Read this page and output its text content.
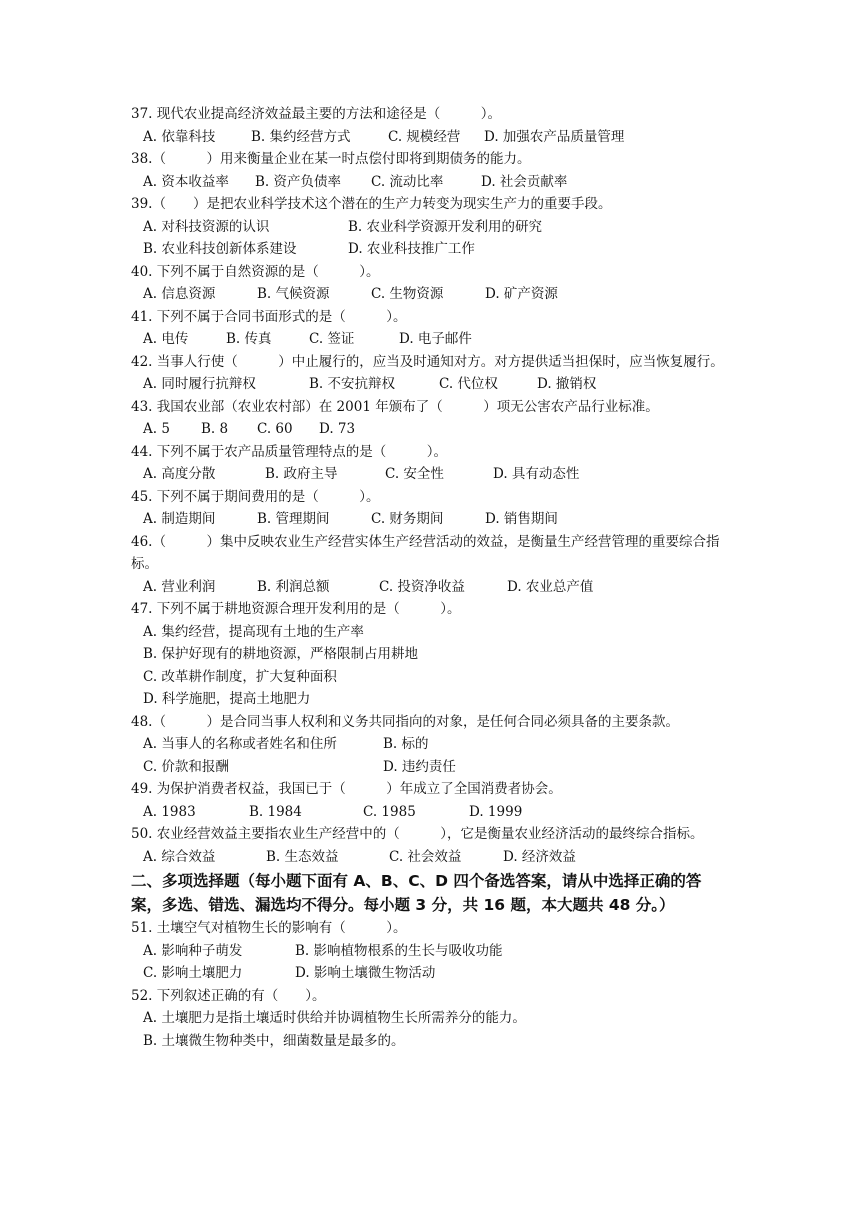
37. 现代农业提高经济效益最主要的方法和途径是（　　　）。
A. 依靠科技	B. 集约经营方式	C. 规模经营	D. 加强农产品质量管理
38.（　　　）用来衡量企业在某一时点偿付即将到期债务的能力。
A. 资本收益率	B. 资产负债率	C. 流动比率	D. 社会贡献率
39.（　　）是把农业科学技术这个潜在的生产力转变为现实生产力的重要手段。
A. 对科技资源的认识	B. 农业科学资源开发利用的研究
B. 农业科技创新体系建设	D. 农业科技推广工作
40. 下列不属于自然资源的是（　　　）。
A. 信息资源	B. 气候资源	C. 生物资源	D. 矿产资源
41. 下列不属于合同书面形式的是（　　　）。
A. 电传	B. 传真	C. 签证	D. 电子邮件
42. 当事人行使（　　　）中止履行的，应当及时通知对方。对方提供适当担保时，应当恢复履行。
A. 同时履行抗辩权	B. 不安抗辩权	C. 代位权	D. 撤销权
43. 我国农业部（农业农村部）在 2001 年颁布了（　　　）项无公害农产品行业标准。
A. 5	B. 8	C. 60	D. 73
44. 下列不属于农产品质量管理特点的是（　　　）。
A. 高度分散	B. 政府主导	C. 安全性	D. 具有动态性
45. 下列不属于期间费用的是（　　　）。
A. 制造期间	B. 管理期间	C. 财务期间	D. 销售期间
46.（　　　）集中反映农业生产经营实体生产经营活动的效益，是衡量生产经营管理的重要综合指标。
A. 营业利润	B. 利润总额	C. 投资净收益	D. 农业总产值
47. 下列不属于耕地资源合理开发利用的是（　　　）。
A. 集约经营，提高现有土地的生产率
B. 保护好现有的耕地资源，严格限制占用耕地
C. 改革耕作制度，扩大复种面积
D. 科学施肥，提高土地肥力
48.（　　　）是合同当事人权利和义务共同指向的对象，是任何合同必须具备的主要条款。
A. 当事人的名称或者姓名和住所	B. 标的
C. 价款和报酬	D. 违约责任
49. 为保护消费者权益，我国已于（　　　）年成立了全国消费者协会。
A. 1983	B. 1984	C. 1985	D. 1999
50. 农业经营效益主要指农业生产经营中的（　　　），它是衡量农业经济活动的最终综合指标。
A. 综合效益	B. 生态效益	C. 社会效益	D. 经济效益
二、多项选择题（每小题下面有 A、B、C、D 四个备选答案，请从中选择正确的答案，多选、错选、漏选均不得分。每小题 3 分，共 16 题，本大题共 48 分。）
51. 土壤空气对植物生长的影响有（　　　）。
A. 影响种子萌发	B. 影响植物根系的生长与吸收功能
C. 影响土壤肥力	D. 影响土壤微生物活动
52. 下列叙述正确的有（　　）。
A. 土壤肥力是指土壤适时供给并协调植物生长所需养分的能力。
B. 土壤微生物种类中，细菌数量是最多的。
